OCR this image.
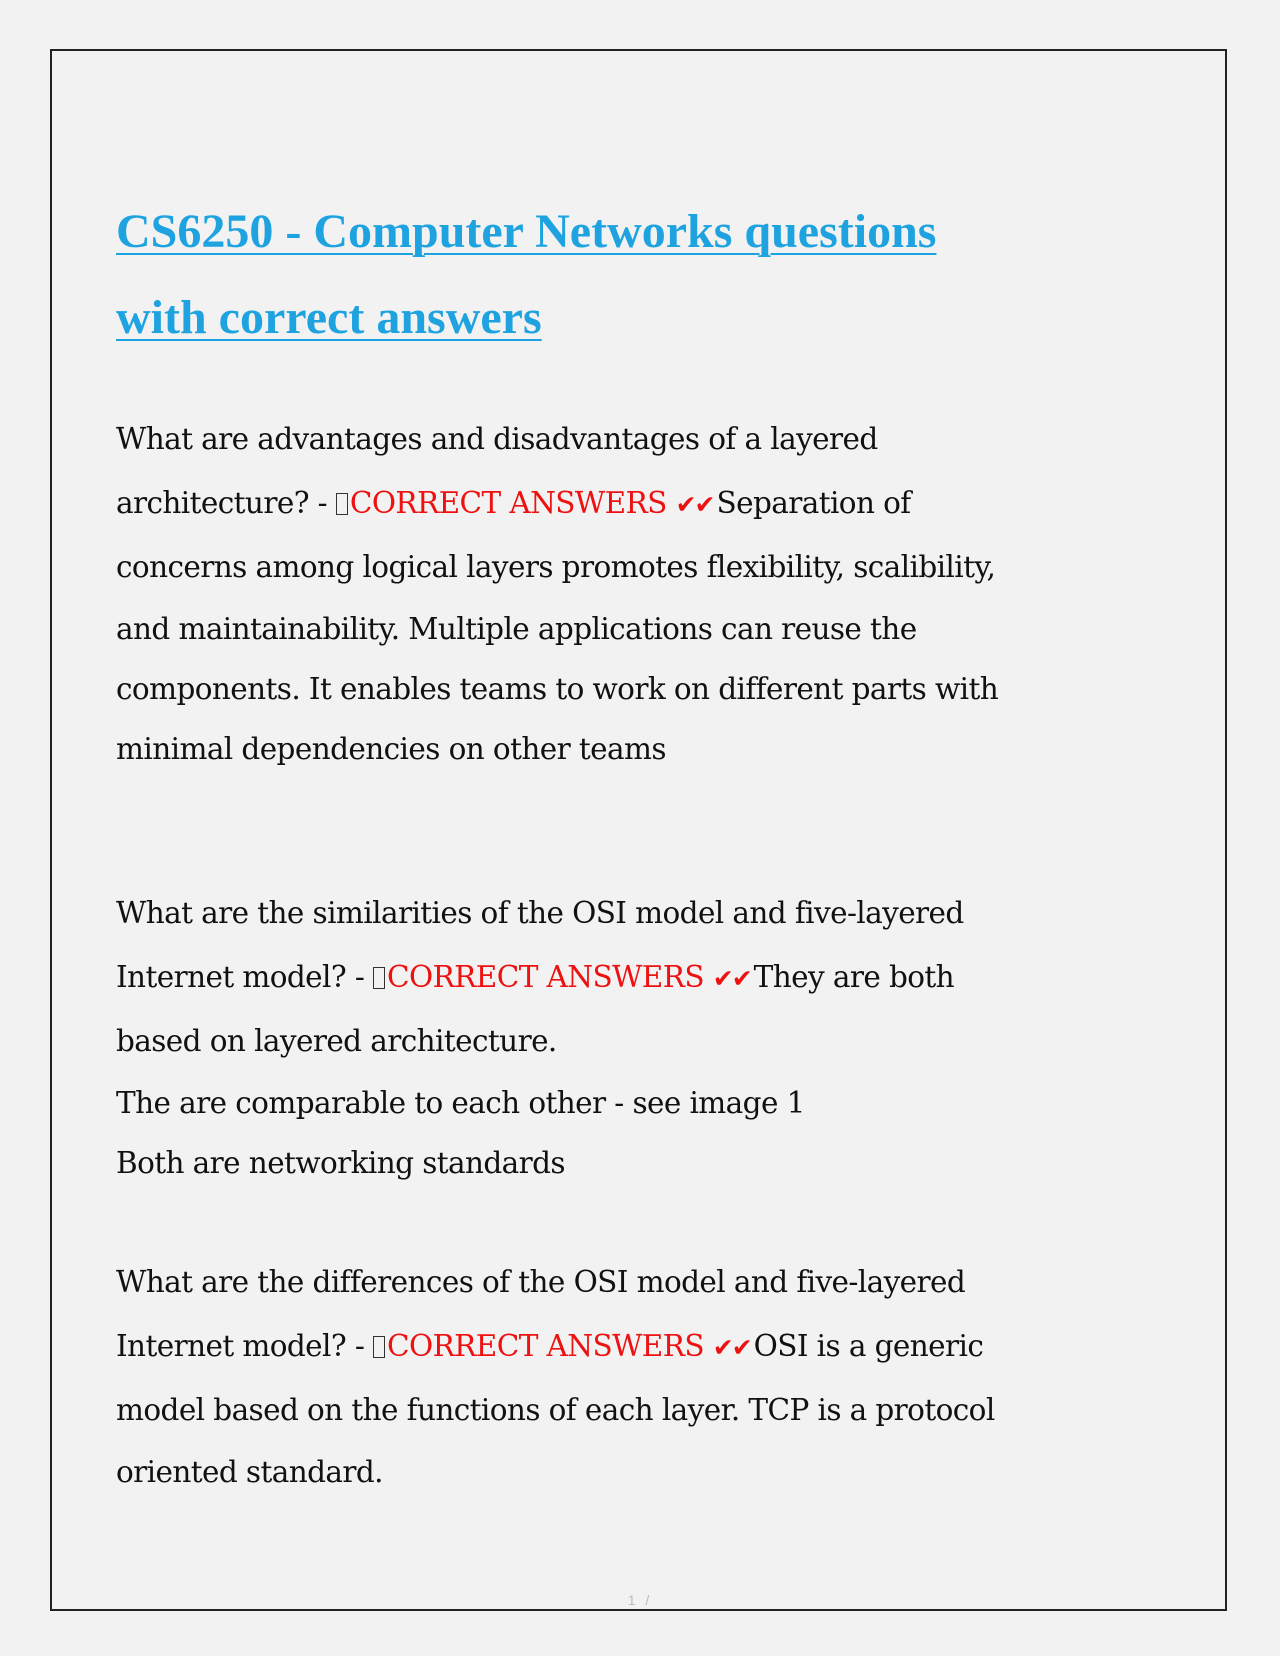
CS6250 - Computer Networks questions
with correct answers
What are advantages and disadvantages of a layered
architecture? - CORRECT ANSWERS ✔✔ Separation of
concerns among logical layers promotes flexibility, scalibility,
and maintainability. Multiple applications can reuse the
components. It enables teams to work on different parts with
minimal dependencies on other teams
What are the similarities of the OSI model and five-layered
Internet model? - CORRECT ANSWERS ✔✔ They are both
based on layered architecture.
The are comparable to each other - see image 1
Both are networking standards
What are the differences of the OSI model and five-layered
Internet model? - CORRECT ANSWERS ✔✔ OSI is a generic
model based on the functions of each layer. TCP is a protocol
oriented standard.
1 /
